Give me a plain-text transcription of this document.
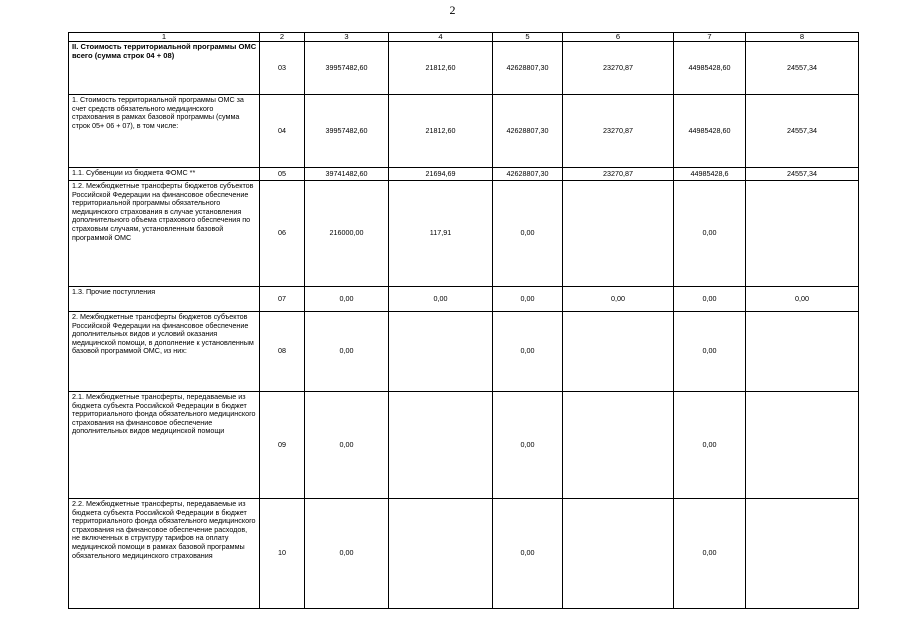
2
1	2	3	4	5	6	7	8
II. Стоимость территориальной программы ОМС всего (сумма строк 04 + 08)	03	39957482,60	21812,60	42628807,30	23270,87	44985428,60	24557,34
1. Стоимость территориальной программы ОМС за счет средств обязательного медицинского страхования в рамках базовой программы (сумма строк 05+ 06 + 07), в том числе:	04	39957482,60	21812,60	42628807,30	23270,87	44985428,60	24557,34
1.1. Субвенции из бюджета ФОМС **	05	39741482,60	21694,69	42628807,30	23270,87	44985428,6	24557,34
1.2. Межбюджетные трансферты бюджетов субъектов Российской Федерации на финансовое обеспечение территориальной программы обязательного медицинского страхования в случае установления дополнительного объема страхового обеспечения по страховым случаям, установленным базовой программой ОМС	06	216000,00	117,91	0,00		0,00	
1.3. Прочие поступления	07	0,00	0,00	0,00	0,00	0,00	0,00
2. Межбюджетные трансферты бюджетов субъектов Российской Федерации на финансовое обеспечение дополнительных видов и условий оказания медицинской помощи, в дополнение к установленным базовой программой ОМС, из них:	08	0,00		0,00		0,00	
2.1. Межбюджетные трансферты, передаваемые из бюджета субъекта Российской Федерации в бюджет территориального фонда обязательного медицинского страхования на финансовое обеспечение дополнительных видов медицинской помощи	09	0,00		0,00		0,00	
2.2. Межбюджетные трансферты, передаваемые из бюджета субъекта Российской Федерации в бюджет территориального фонда обязательного медицинского страхования на финансовое обеспечение расходов, не включенных в структуру тарифов на оплату медицинской помощи в рамках базовой программы обязательного медицинского страхования	10	0,00		0,00		0,00	
